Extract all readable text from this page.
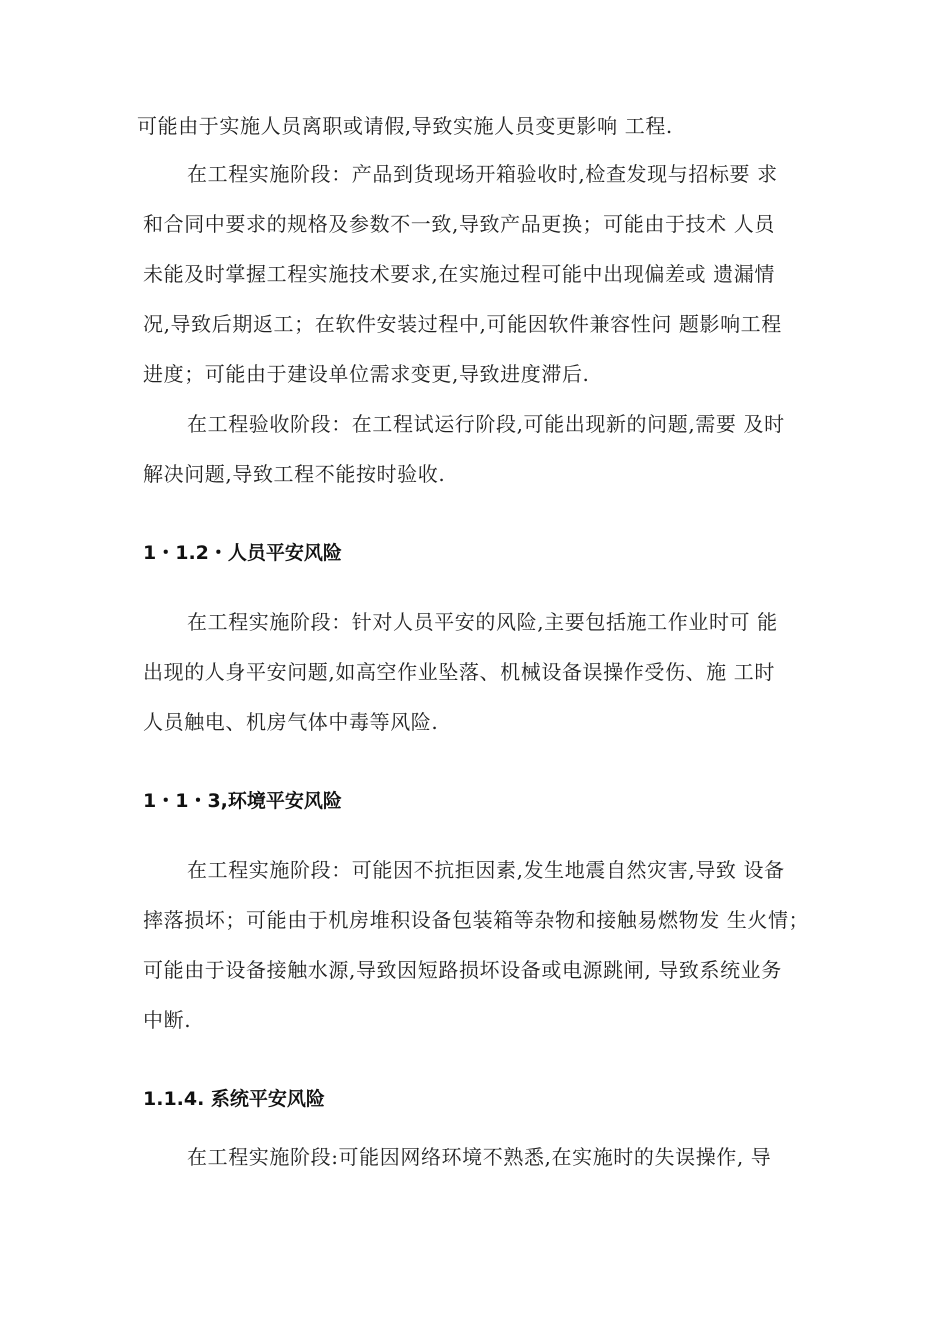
可能由于实施人员离职或请假,导致实施人员变更影响 工程.
在工程实施阶段：产品到货现场开箱验收时,检查发现与招标要 求
和合同中要求的规格及参数不一致,导致产品更换；可能由于技术 人员
未能及时掌握工程实施技术要求,在实施过程可能中出现偏差或 遗漏情
况,导致后期返工；在软件安装过程中,可能因软件兼容性问 题影响工程
进度；可能由于建设单位需求变更,导致进度滞后.
在工程验收阶段：在工程试运行阶段,可能出现新的问题,需要 及时
解决问题,导致工程不能按时验收.
1・1.2・人员平安风险
在工程实施阶段：针对人员平安的风险,主要包括施工作业时可 能
出现的人身平安问题,如高空作业坠落、机械设备误操作受伤、施 工时
人员触电、机房气体中毒等风险.
1・1・3,环境平安风险
在工程实施阶段：可能因不抗拒因素,发生地震自然灾害,导致 设备
摔落损坏；可能由于机房堆积设备包装箱等杂物和接触易燃物发 生火情；
可能由于设备接触水源,导致因短路损坏设备或电源跳闸, 导致系统业务
中断.
1.1.4. 系统平安风险
在工程实施阶段:可能因网络环境不熟悉,在实施时的失误操作, 导
